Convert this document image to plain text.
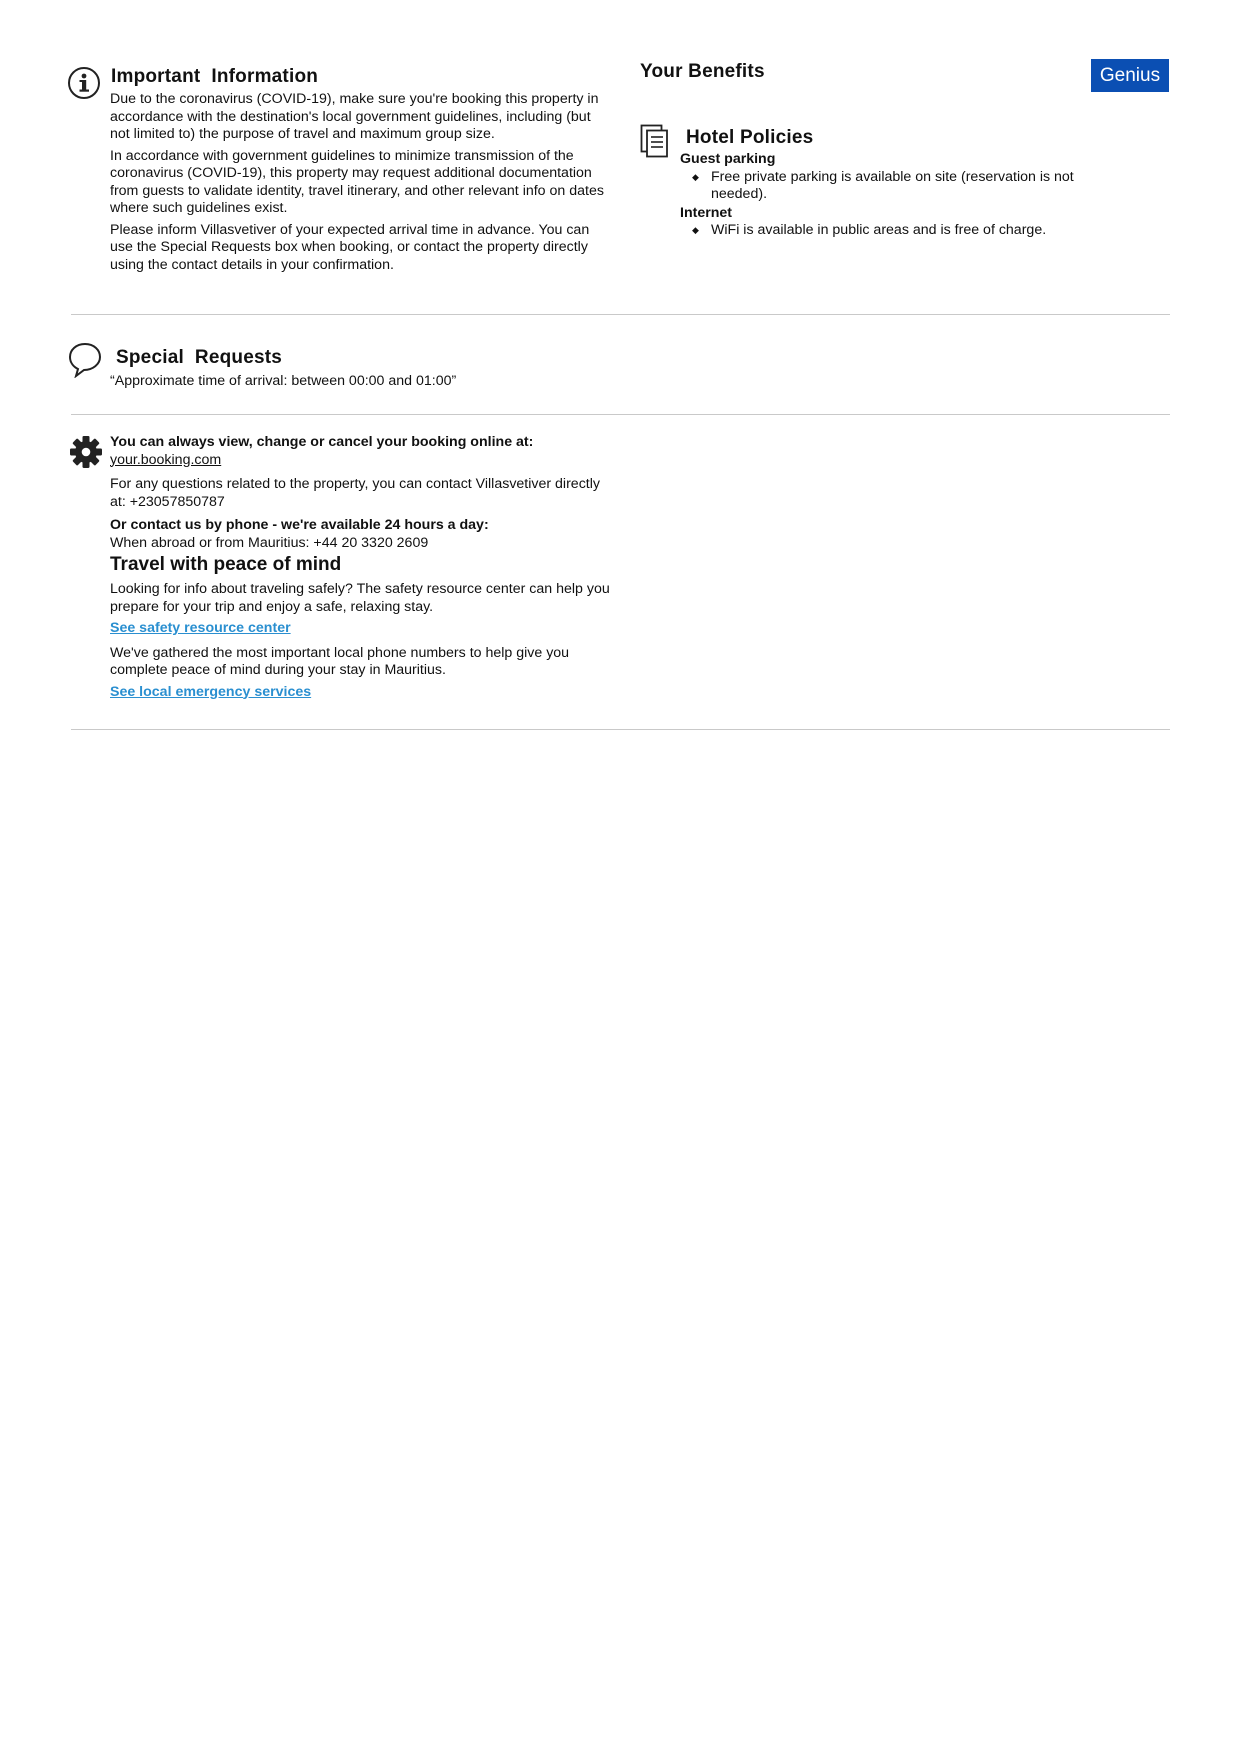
Important  Information

Due to the coronavirus (COVID-19), make sure you're booking this property in accordance with the destination's local government guidelines, including (but not limited to) the purpose of travel and maximum group size.

In accordance with government guidelines to minimize transmission of the coronavirus (COVID-19), this property may request additional documentation from guests to validate identity, travel itinerary, and other relevant info on dates where such guidelines exist.

Please inform Villasvetiver of your expected arrival time in advance. You can use the Special Requests box when booking, or contact the property directly using the contact details in your confirmation.

Your Benefits	Genius
Hotel Policies
Guest parking
◆ Free private parking is available on site (reservation is not needed).
Internet
◆ WiFi is available in public areas and is free of charge.
Special  Requests
“Approximate time of arrival: between 00:00 and 01:00”
You can always view, change or cancel your booking online at:
your.booking.com
For any questions related to the property, you can contact Villasvetiver directly at: +23057850787
Or contact us by phone - we're available 24 hours a day:
When abroad or from Mauritius: +44 20 3320 2609
Travel with peace of mind
Looking for info about traveling safely? The safety resource center can help you prepare for your trip and enjoy a safe, relaxing stay.
See safety resource center
We've gathered the most important local phone numbers to help give you complete peace of mind during your stay in Mauritius.
See local emergency services
